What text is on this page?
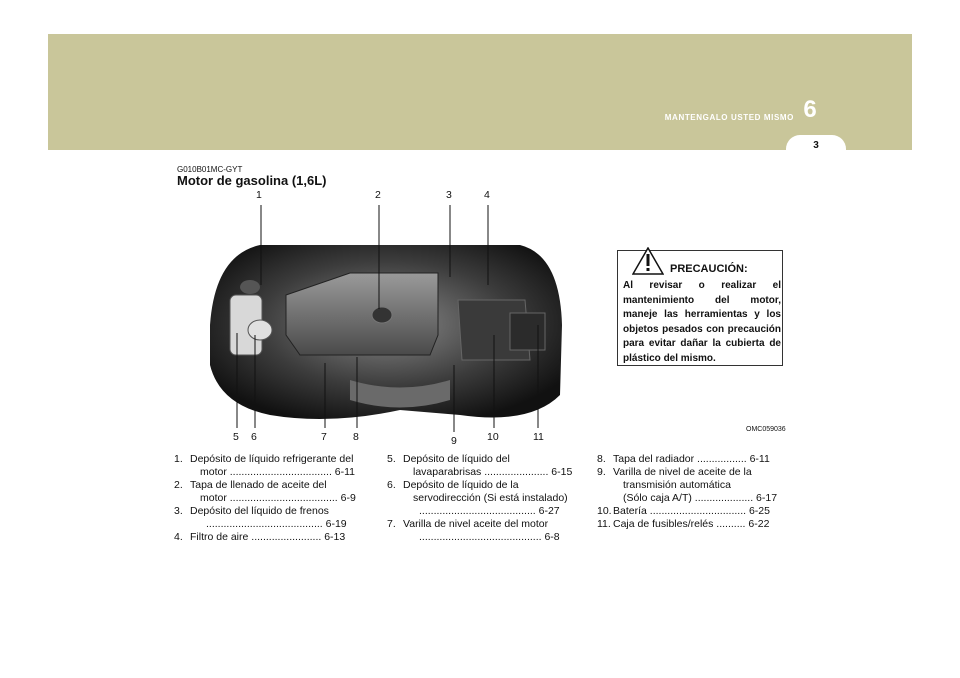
MANTENGALO USTED MISMO 6
3
G010B01MC-GYT
Motor de gasolina (1,6L)
1	2	3	4
5 6	7 8	9	10	11
PRECAUCIÓN:
Al revisar o realizar el mantenimiento del motor, maneje las herramientas y los objetos pesados con precaución para evitar dañar la cubierta de plástico del mismo.
OMC059036
1. Depósito de líquido refrigerante del
motor ................................... 6-11
2. Tapa de llenado de aceite del
motor ..................................... 6-9
3. Depósito del líquido de frenos
........................................ 6-19
4. Filtro de aire ........................ 6-13
5. Depósito de líquido del
lavaparabrisas ...................... 6-15
6. Depósito de líquido de la
servodirección (Si está instalado)
........................................ 6-27
7. Varilla de nivel aceite del motor
.......................................... 6-8
8. Tapa del radiador ................. 6-11
9. Varilla de nivel de aceite de la
transmisión automática
(Sólo caja A/T) .................... 6-17
10. Batería ................................. 6-25
11. Caja de fusibles/relés .......... 6-22
